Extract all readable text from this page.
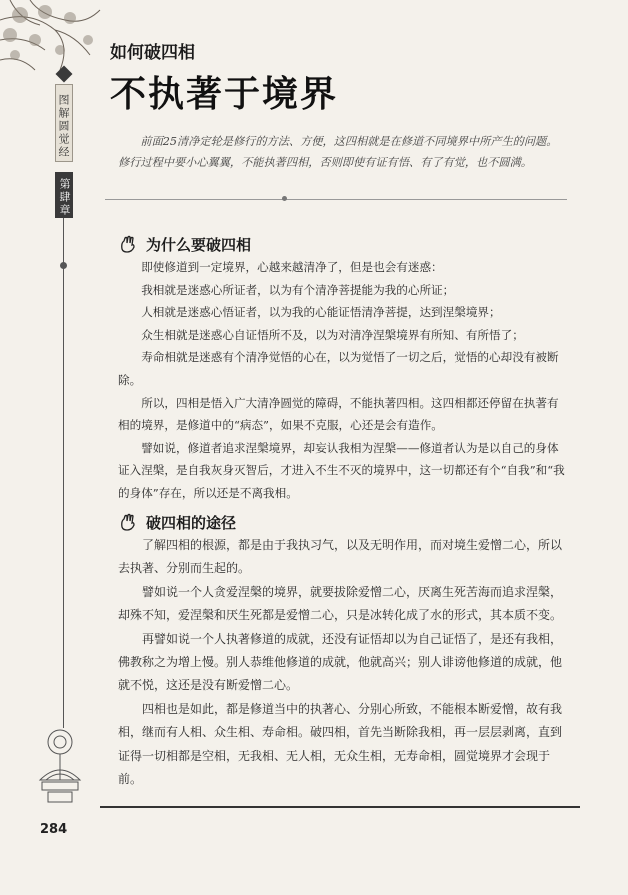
图解圆觉经
第肆章
如何破四相
不执著于境界
前面25清净定轮是修行的方法、方便，这四相就是在修道不同境界中所产生的问题。修行过程中要小心翼翼，不能执著四相，否则即使有证有悟、有了有觉，也不圆满。
为什么要破四相

即使修道到一定境界，心越来越清净了，但是也会有迷惑：

我相就是迷惑心所证者，以为有个清净菩提能为我的心所证；

人相就是迷惑心悟证者，以为我的心能证悟清净菩提，达到涅槃境界；

众生相就是迷惑心自证悟所不及，以为对清净涅槃境界有所知、有所悟了；

寿命相就是迷惑有个清净觉悟的心在，以为觉悟了一切之后，觉悟的心却没有被断除。

所以，四相是悟入广大清净圆觉的障碍，不能执著四相。这四相都还停留在执著有相的境界，是修道中的“病态”，如果不克服，心还是会有造作。

譬如说，修道者追求涅槃境界，却妄认我相为涅槃——修道者认为是以自己的身体证入涅槃，是自我灰身灭智后，才进入不生不灭的境界中，这一切都还有个“自我”和“我的身体”存在，所以还是不离我相。

破四相的途径

了解四相的根源，都是由于我执习气，以及无明作用，而对境生爱憎二心，所以去执著、分别而生起的。

譬如说一个人贪爱涅槃的境界，就要拔除爱憎二心，厌离生死苦海而追求涅槃，却殊不知，爱涅槃和厌生死都是爱憎二心，只是冰转化成了水的形式，其本质不变。

再譬如说一个人执著修道的成就，还没有证悟却以为自己证悟了，是还有我相，佛教称之为增上慢。别人恭维他修道的成就，他就高兴；别人诽谤他修道的成就，他就不悦，这还是没有断爱憎二心。

四相也是如此，都是修道当中的执著心、分别心所致，不能根本断爱憎，故有我相，继而有人相、众生相、寿命相。破四相，首先当断除我相，再一层层剥离，直到证得一切相都是空相，无我相、无人相，无众生相，无寿命相，圆觉境界才会现于前。

284
